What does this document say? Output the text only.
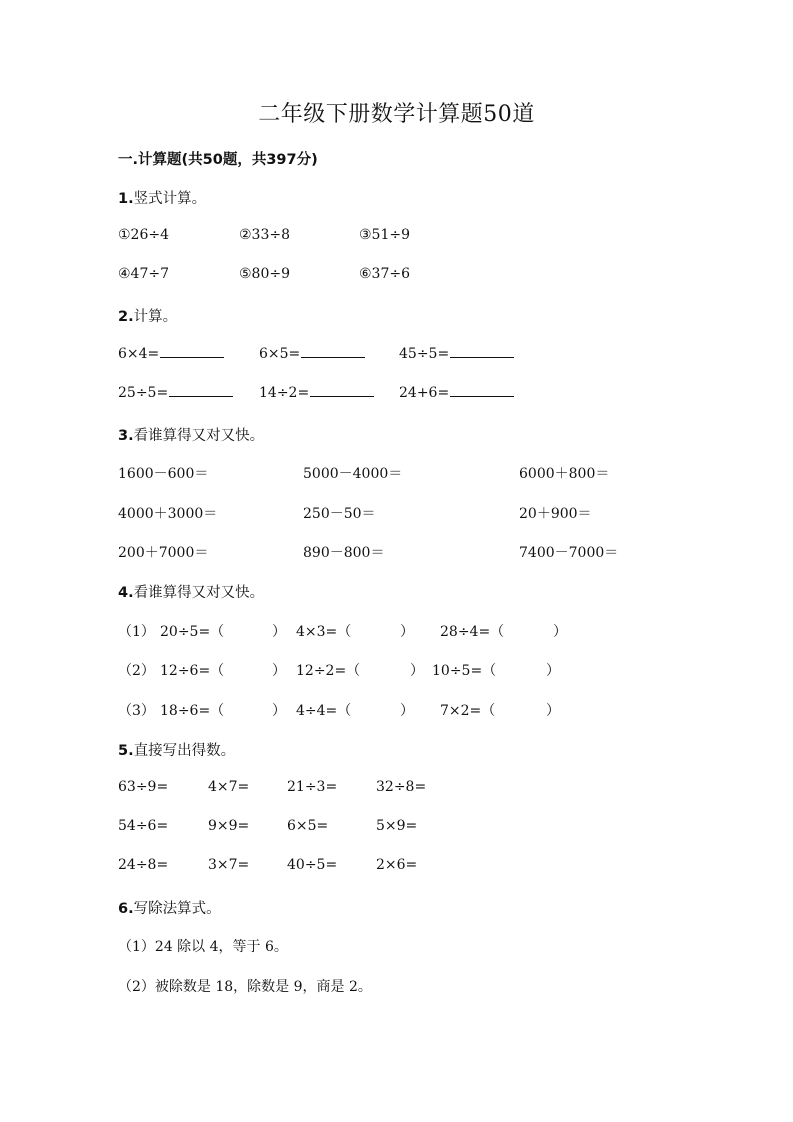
二年级下册数学计算题50道
一.计算题(共50题，共397分)
1.竖式计算。
①26÷4	②33÷8	③51÷9
④47÷7	⑤80÷9	⑥37÷6
2.计算。
6×4=	6×5=	45÷5=
25÷5=	14÷2=	24+6=
3.看谁算得又对又快。
1600－600＝	5000－4000＝	6000＋800＝
4000＋3000＝	250－50＝	20＋900＝
200＋7000＝	890－800＝	7400－7000＝
4.看谁算得又对又快。
（1） 20÷5=（	） 4×3=（	） 28÷4=（	）
（2） 12÷6=（	） 12÷2=（	） 10÷5=（	）
（3） 18÷6=（	） 4÷4=（	） 7×2=（	）
5.直接写出得数。
63÷9=	4×7=	21÷3=	32÷8=
54÷6=	9×9=	6×5=	5×9=
24÷8=	3×7=	40÷5=	2×6=
6.写除法算式。
（1）24 除以 4，等于 6。
（2）被除数是 18，除数是 9，商是 2。
